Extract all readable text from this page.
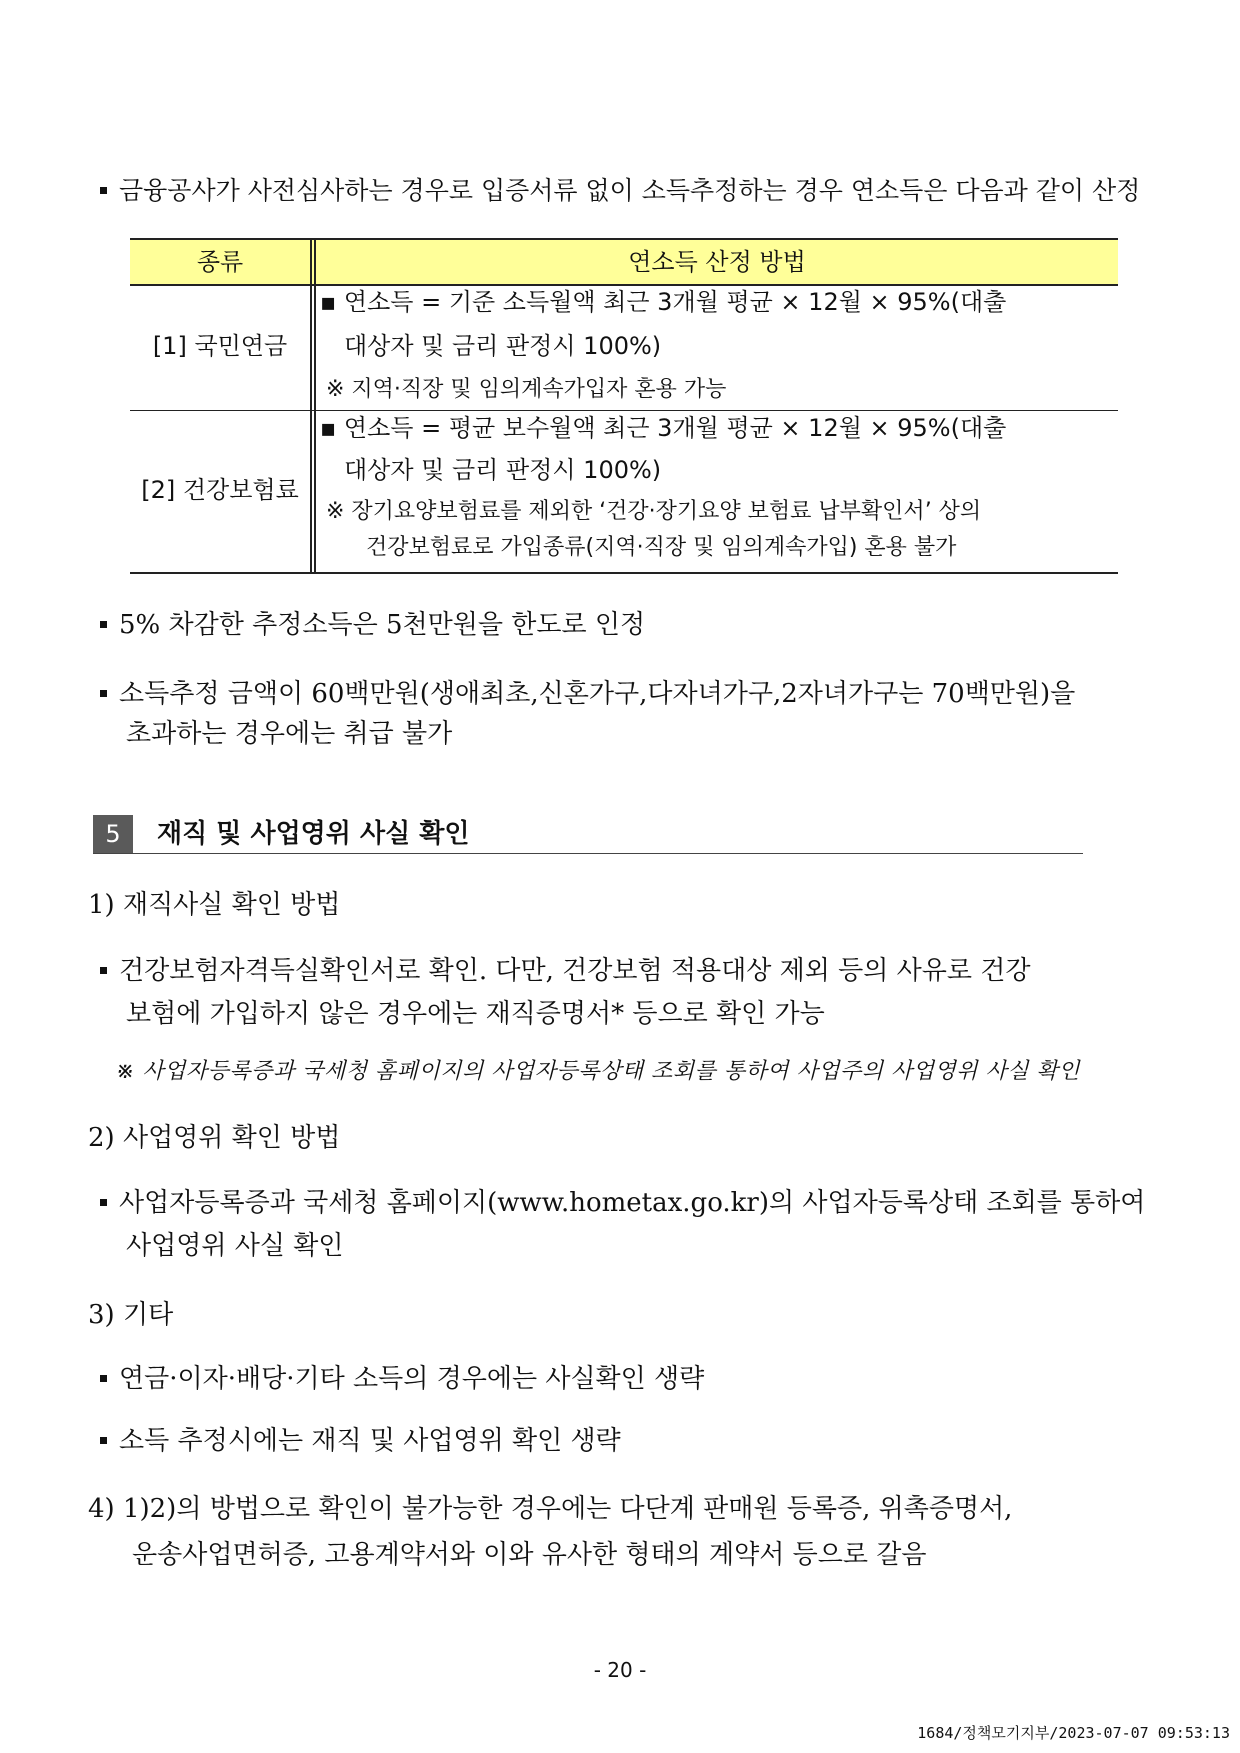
금융공사가 사전심사하는 경우로 입증서류 없이 소득추정하는 경우 연소득은 다음과 같이 산정
종류	연소득 산정 방법
[1] 국민연금
▪ 연소득 = 기준 소득월액 최근 3개월 평균 × 12월 × 95%(대출
대상자 및 금리 판정시 100%)
※ 지역·직장 및 임의계속가입자 혼용 가능
[2] 건강보험료
▪ 연소득 = 평균 보수월액 최근 3개월 평균 × 12월 × 95%(대출
대상자 및 금리 판정시 100%)
※ 장기요양보험료를 제외한 ‘건강·장기요양 보험료 납부확인서’ 상의
건강보험료로 가입종류(지역·직장 및 임의계속가입) 혼용 불가
5% 차감한 추정소득은 5천만원을 한도로 인정
소득추정 금액이 60백만원(생애최초,신혼가구,다자녀가구,2자녀가구는 70백만원)을
초과하는 경우에는 취급 불가
5	재직 및 사업영위 사실 확인
1) 재직사실 확인 방법
건강보험자격득실확인서로 확인. 다만, 건강보험 적용대상 제외 등의 사유로 건강
보험에 가입하지 않은 경우에는 재직증명서* 등으로 확인 가능
※ 사업자등록증과 국세청 홈페이지의 사업자등록상태 조회를 통하여 사업주의 사업영위 사실 확인
2) 사업영위 확인 방법
사업자등록증과 국세청 홈페이지(www.hometax.go.kr)의 사업자등록상태 조회를 통하여
사업영위 사실 확인
3) 기타
연금·이자·배당·기타 소득의 경우에는 사실확인 생략
소득 추정시에는 재직 및 사업영위 확인 생략
4) 1)2)의 방법으로 확인이 불가능한 경우에는 다단계 판매원 등록증, 위촉증명서,
운송사업면허증, 고용계약서와 이와 유사한 형태의 계약서 등으로 갈음
- 20 -
1684/정책모기지부/2023-07-07 09:53:13
